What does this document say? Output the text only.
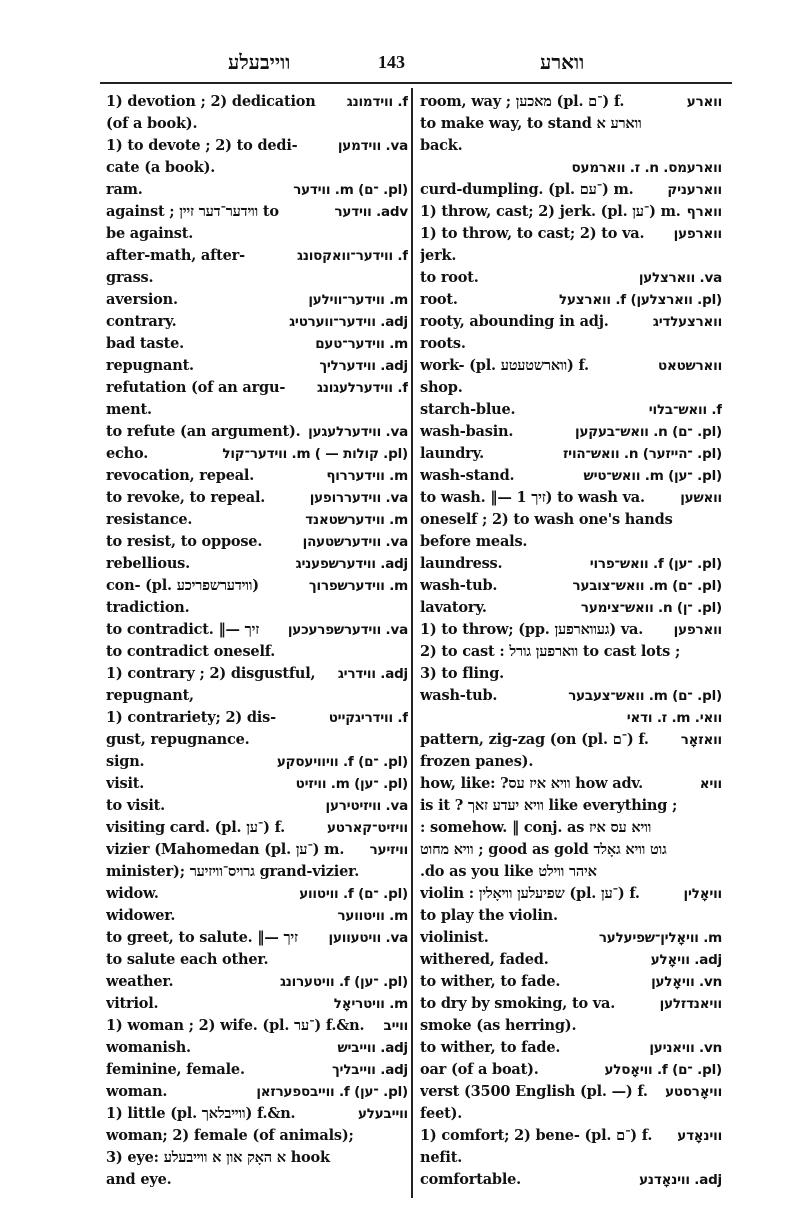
ווייבעלע	143	ווארע
1) devotion ; 2) dedication f. ווידמונג
(of a book).
1) to devote ; 2) to dedi-	va. ווידמען
cate (a book).
ram.	(pl. ־ם) m. ווידער
against ; ווידער־דער זיין to	adv. ווידער
be against.
after-math, after-	f. ווידער־וואקסונג
grass.
aversion.	m. ווידער־ווילען
contrary.	adj. ווידער־ווערטיג
bad taste.	m. ווידער־טעם
repugnant.	adj. ווידערליך
refutation (of an argu- f. ווידערלעגונג
ment.
to refute (an argument). va. ווידערלעגען
echo.	(pl. קולות — ) m. ווידער־קול
revocation, repeal.	m. ווידעררוף
to revoke, to repeal.	va. ווידעררופען
resistance.	m. ווידערשטאנד
to resist, to oppose.	va. ווידערשטעהן
rebellious.	adj. ווידערשפעניג
con- (pl. ווידערשפריכע)	m. ווידערשפרוך
tradiction.
to contradict. ‖— זיך va. ווידערשפרעכען
to contradict oneself.
1) contrary ; 2) disgustful, adj. ווידריג
repugnant,
1) contrariety; 2) dis-	f. ווידריגקייט
gust, repugnance.
sign.	(pl. ־ם) f. וויוויעסקע
visit.	(pl. ־ען) m. וויזיט
to visit.	va. וויזיטירען
visiting card. (pl. ־ען) f.	וויזיט־קארטע
vizier (Mahomedan (pl. ־ען) m. וויזיער
minister); גרויס־וויזיער grand-vizier.
widow.	(pl. ־ם) f. וויטווע
widower.	m. וויטווער
to greet, to salute. ‖— זיך va. וויטעווען
to salute each other.
weather.	(pl. ־ען) f. וויטערונג
vitriol.	m. וויטריאָל
1) woman ; 2) wife. (pl. ־ער) f.&n. ווייב
womanish.	adj. ווייביש
feminine, female.	adj. ווייבליך
woman.	(pl. ־ען) f. ווייבספערזאן
1) little (pl. ווייבלאך) f.&n.	ווייבעלע
woman; 2) female (of animals);
3) eye: א האָק און א ווייבעלע hook
and eye.
room, way ; מאכען (pl. ־ם) f.	ווארע
ווארע א to make way, to stand
back.
ווארעמס. n. ז. ווארמעס
curd-dumpling. (pl. ־עם) m.	ווארעניק
1) throw, cast; 2) jerk. (pl. ־ען) m. ווארף
1) to throw, to cast; 2) to va. ווארפען
jerk.
to root.	va. ווארצלען
root.	(pl. ווארצלען) f. ווארצעל
rooty, abounding in adj.	ווארצעלדיג
roots.
work- (pl. ווארשטעטע) f.	ווארשטאט
shop.
starch-blue.	f. וואש־בלוי
wash-basin.	(pl. ־ם) n. וואש־בעקען
laundry.	(pl. ־הייזער) n. וואש־הויז
wash-stand.	(pl. ־ען) m. וואש־טיש
to wash. ‖— זיך 1) to wash va.	וואשען
oneself ; 2) to wash one's hands
before meals.
laundress.	(pl. ־ען) f. וואש־פרוי
wash-tub.	(pl. ־ם) m. וואש־צובער
lavatory.	(pl. ־ן) n. וואש־צימער
1) to throw; (pp. געווארפען) va. ווארפען
2) to cast : ווארפען גורל to cast lots ;
3) to fling.
wash-tub.	(pl. ־ם) m. וואש־צעבער
וואי. m. ז. ודאי
pattern, zig-zag (on (pl. ־ם) f. וואזאָר
frozen panes).
how, like: ?וויא איז עס how adv.	וויא
is it ? וויא יעדע זאך like everything ;
וויא עס איז somehow. ‖ conj. as :
גוט וויא גאָלד good as gold ; וויא מחוט
איהר ווילט do as you like.
violin : שפיעלען וויאָלין (pl. ־ען) f.	וויאָלין
to play the violin.
violinist.	m. וויאָלין־שפיעלער
withered, faded.	adj. וויאָלע
to wither, to fade.	vn. וויאָלען
to dry by smoking, to va.	וויאנדזלען
smoke (as herring).
to wither, to fade.	vn. וויאניען
oar (of a boat).	(pl. ־ם) f. וויאָסלע
verst (3500 English (pl. —) f. וויאָרסטע
feet).
1) comfort; 2) bene- (pl. ־ם) f. ווינאָדע
nefit.
comfortable.	adj. ווינאָדנע
